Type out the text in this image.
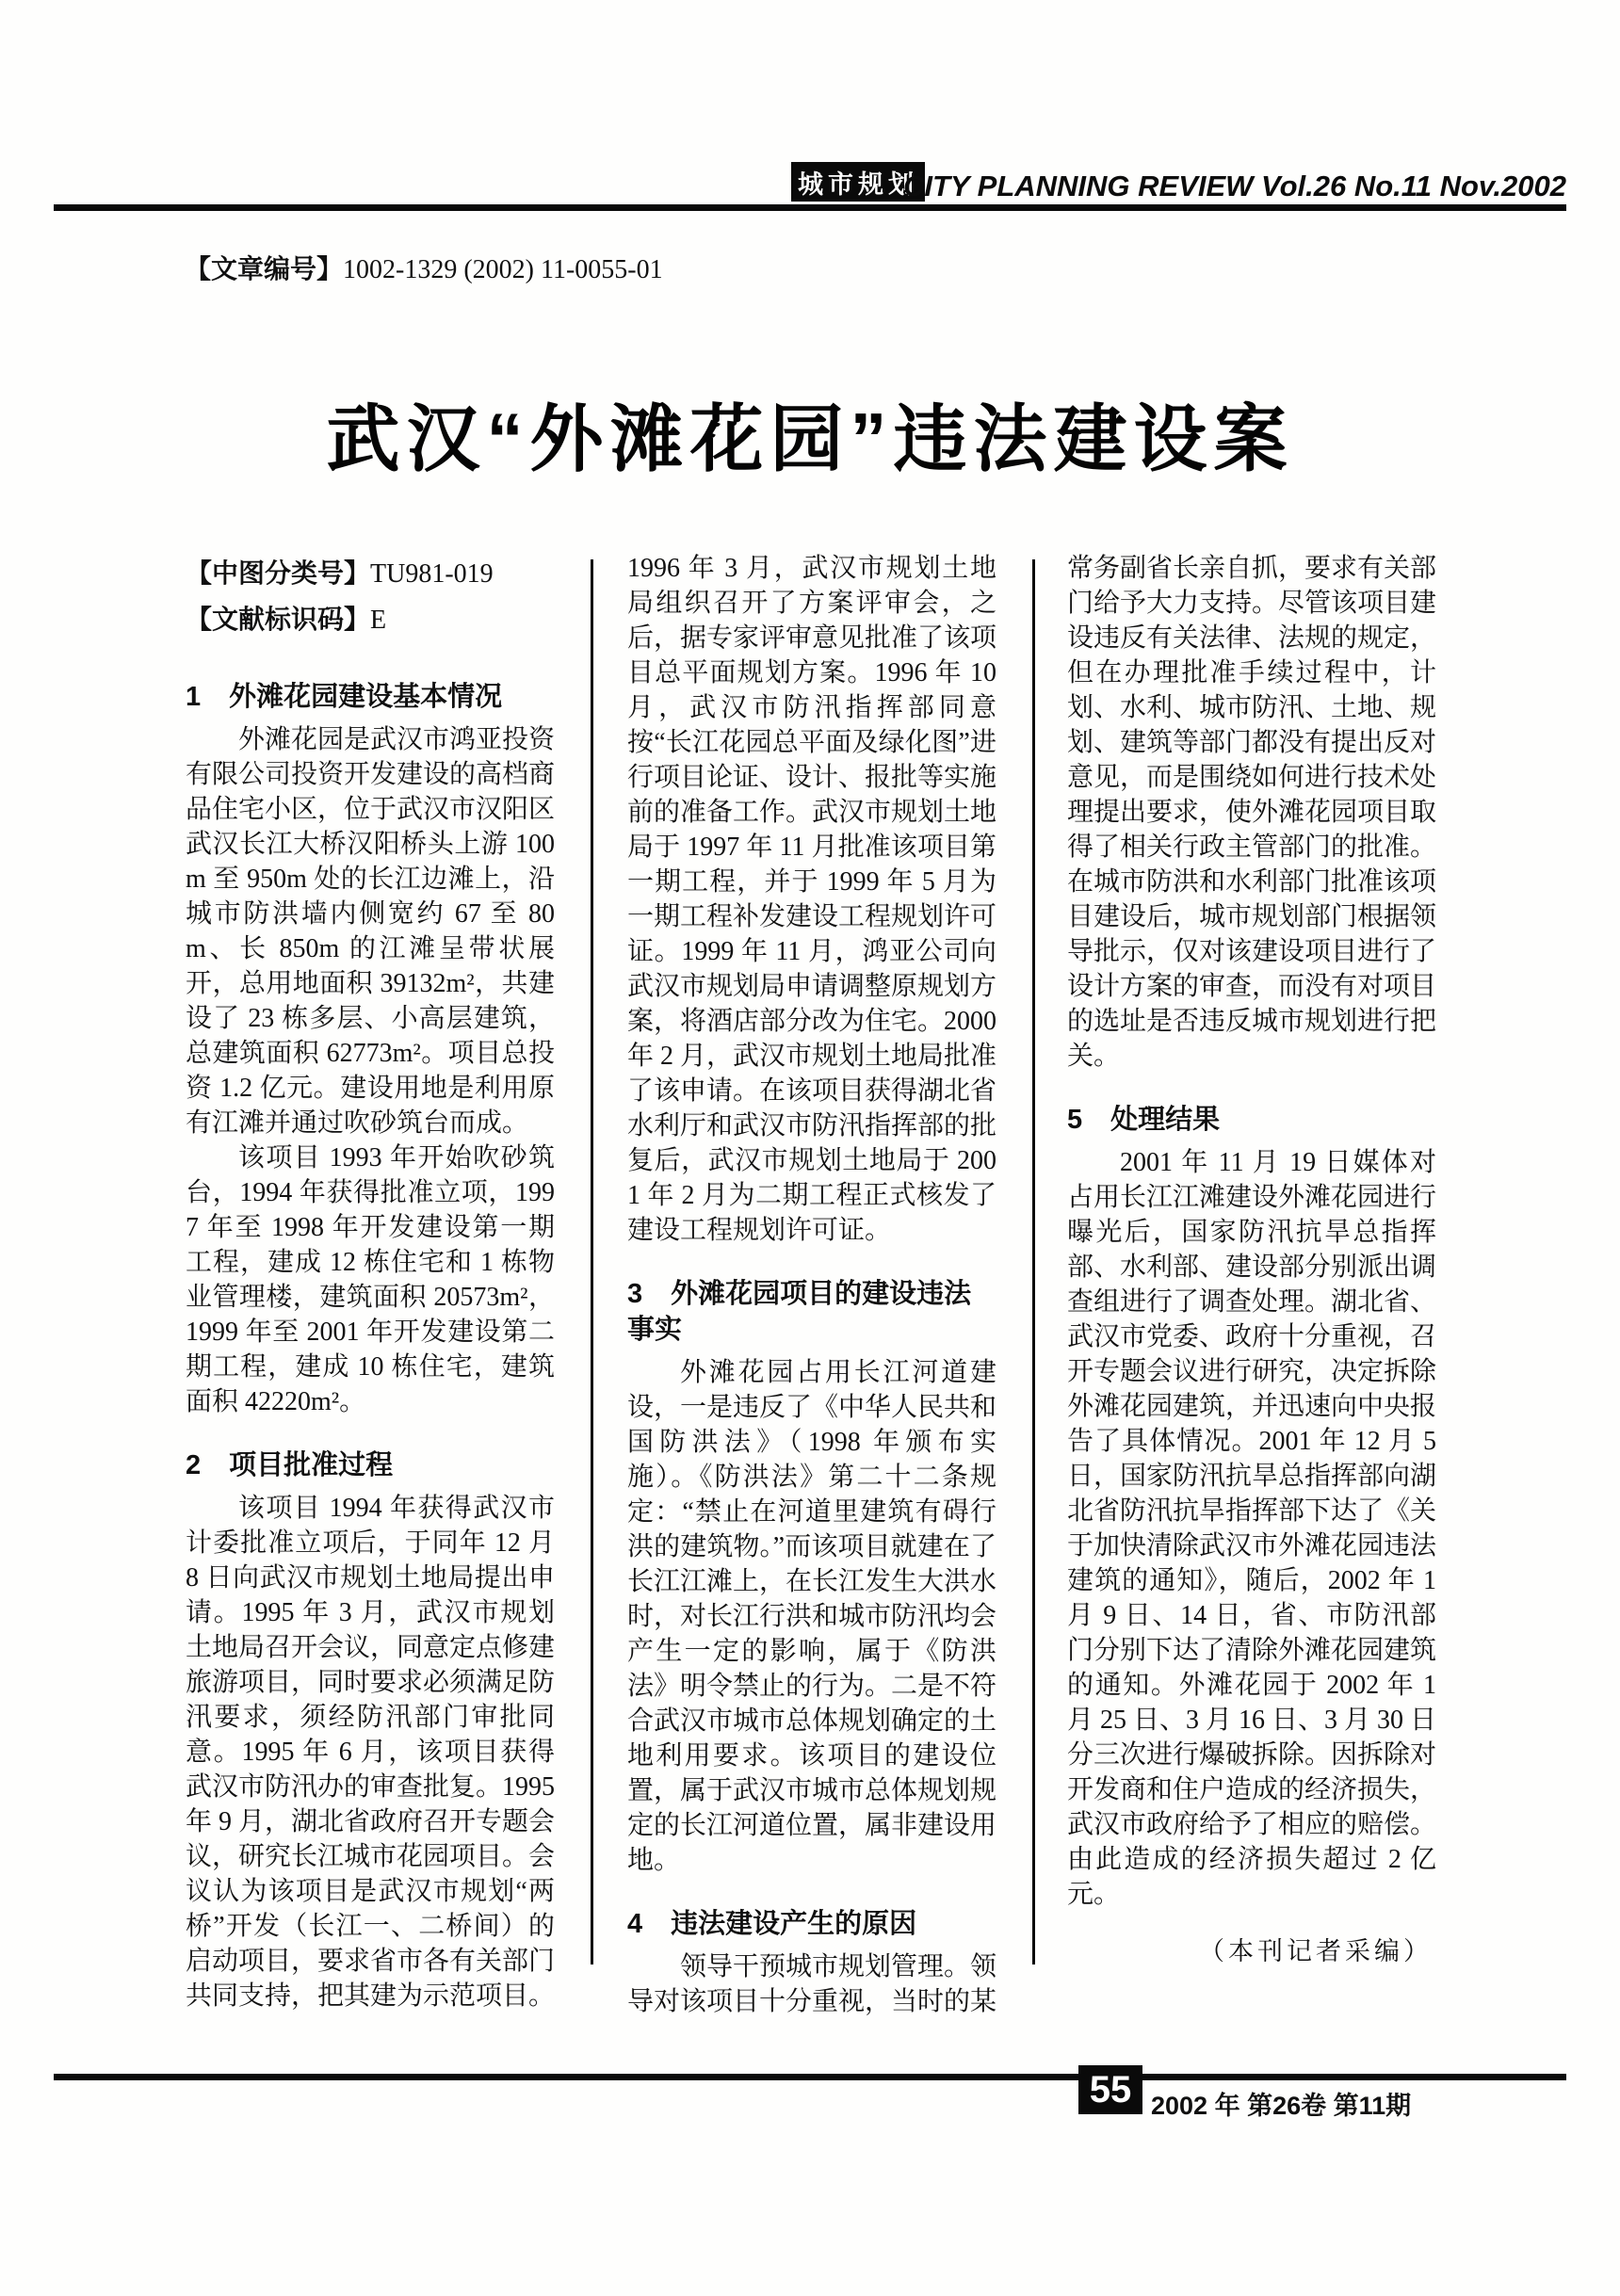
城市规划
CITY PLANNING REVIEW Vol.26 No.11 Nov.2002
【文章编号】1002-1329 (2002) 11-0055-01
武汉“外滩花园”违法建设案
【中图分类号】TU981-019
【文献标识码】E
1 外滩花园建设基本情况

外滩花园是武汉市鸿亚投资有限公司投资开发建设的高档商品住宅小区，位于武汉市汉阳区武汉长江大桥汉阳桥头上游 100m 至 950m 处的长江边滩上，沿城市防洪墙内侧宽约 67 至 80m、长 850m 的江滩呈带状展开，总用地面积 39132m²，共建设了 23 栋多层、小高层建筑，总建筑面积 62773m²。项目总投资 1.2 亿元。建设用地是利用原有江滩并通过吹砂筑台而成。

该项目 1993 年开始吹砂筑台，1994 年获得批准立项，1997 年至 1998 年开发建设第一期工程，建成 12 栋住宅和 1 栋物业管理楼，建筑面积 20573m²，1999 年至 2001 年开发建设第二期工程，建成 10 栋住宅，建筑面积 42220m²。

2 项目批准过程

该项目 1994 年获得武汉市计委批准立项后，于同年 12 月 8 日向武汉市规划土地局提出申请。1995 年 3 月，武汉市规划土地局召开会议，同意定点修建旅游项目，同时要求必须满足防汛要求，须经防汛部门审批同意。1995 年 6 月，该项目获得武汉市防汛办的审查批复。1995 年 9 月，湖北省政府召开专题会议，研究长江城市花园项目。会议认为该项目是武汉市规划“两桥”开发（长江一、二桥间）的启动项目，要求省市各有关部门共同支持，把其建为示范项目。

1996 年 3 月，武汉市规划土地局组织召开了方案评审会，之后，据专家评审意见批准了该项目总平面规划方案。1996 年 10 月，武汉市防汛指挥部同意按“长江花园总平面及绿化图”进行项目论证、设计、报批等实施前的准备工作。武汉市规划土地局于 1997 年 11 月批准该项目第一期工程，并于 1999 年 5 月为一期工程补发建设工程规划许可证。1999 年 11 月，鸿亚公司向武汉市规划局申请调整原规划方案，将酒店部分改为住宅。2000 年 2 月，武汉市规划土地局批准了该申请。在该项目获得湖北省水利厅和武汉市防汛指挥部的批复后，武汉市规划土地局于 2001 年 2 月为二期工程正式核发了建设工程规划许可证。

3 外滩花园项目的建设违法事实

外滩花园占用长江河道建设，一是违反了《中华人民共和国防洪法》（1998 年颁布实施）。《防洪法》第二十二条规定：“禁止在河道里建筑有碍行洪的建筑物。”而该项目就建在了长江江滩上，在长江发生大洪水时，对长江行洪和城市防汛均会产生一定的影响，属于《防洪法》明令禁止的行为。二是不符合武汉市城市总体规划确定的土地利用要求。该项目的建设位置，属于武汉市城市总体规划规定的长江河道位置，属非建设用地。

4 违法建设产生的原因

领导干预城市规划管理。领导对该项目十分重视，当时的某

常务副省长亲自抓，要求有关部门给予大力支持。尽管该项目建设违反有关法律、法规的规定，但在办理批准手续过程中，计划、水利、城市防汛、土地、规划、建筑等部门都没有提出反对意见，而是围绕如何进行技术处理提出要求，使外滩花园项目取得了相关行政主管部门的批准。在城市防洪和水利部门批准该项目建设后，城市规划部门根据领导批示，仅对该建设项目进行了设计方案的审查，而没有对项目的选址是否违反城市规划进行把关。

5 处理结果

2001 年 11 月 19 日媒体对占用长江江滩建设外滩花园进行曝光后，国家防汛抗旱总指挥部、水利部、建设部分别派出调查组进行了调查处理。湖北省、武汉市党委、政府十分重视，召开专题会议进行研究，决定拆除外滩花园建筑，并迅速向中央报告了具体情况。2001 年 12 月 5 日，国家防汛抗旱总指挥部向湖北省防汛抗旱指挥部下达了《关于加快清除武汉市外滩花园违法建筑的通知》，随后，2002 年 1 月 9 日、14 日，省、市防汛部门分别下达了清除外滩花园建筑的通知。外滩花园于 2002 年 1 月 25 日、3 月 16 日、3 月 30 日分三次进行爆破拆除。因拆除对开发商和住户造成的经济损失，武汉市政府给予了相应的赔偿。由此造成的经济损失超过 2 亿元。

（本刊记者采编）

55 2002 年 第26卷 第11期
